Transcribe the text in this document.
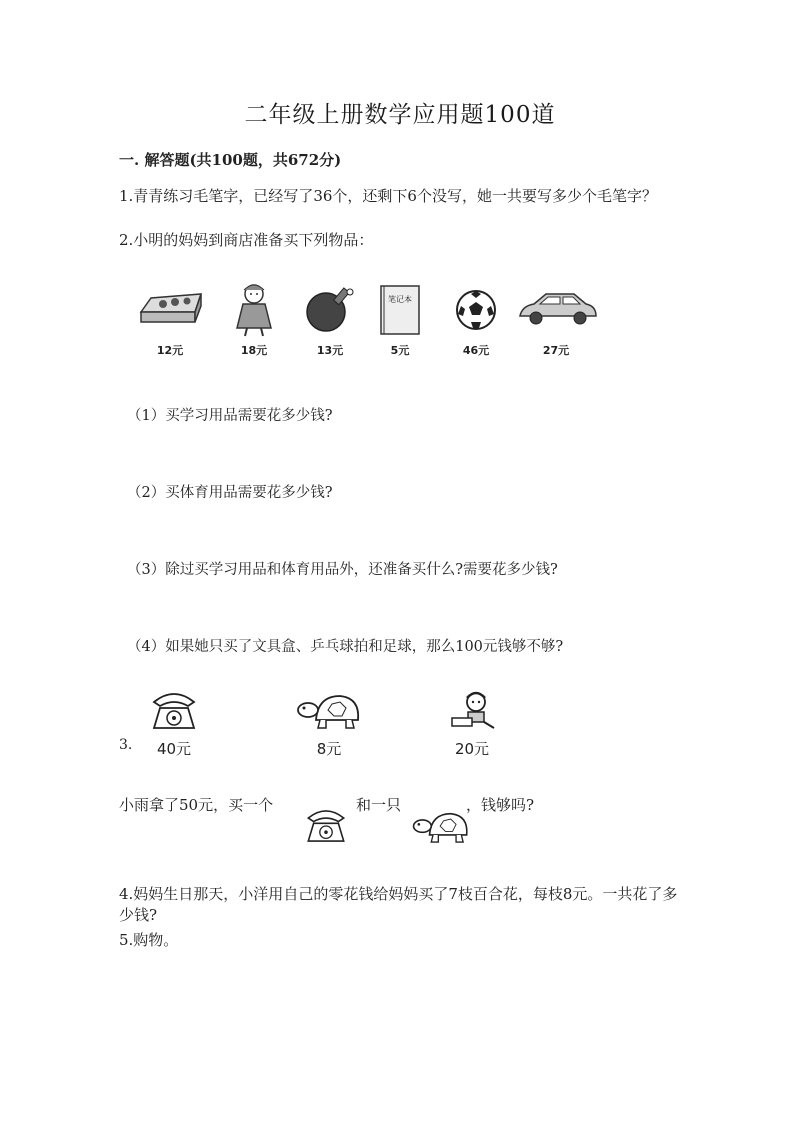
二年级上册数学应用题100道
一. 解答题(共100题，共672分)
1.青青练习毛笔字，已经写了36个，还剩下6个没写，她一共要写多少个毛笔字？
2.小明的妈妈到商店准备买下列物品：
12元	18元	13元
笔记本
5元	46元	27元
（1）买学习用品需要花多少钱?
（2）买体育用品需要花多少钱?
（3）除过买学习用品和体育用品外，还准备买什么?需要花多少钱?
（4）如果她只买了文具盒、乒乓球拍和足球，那么100元钱够不够?
3.	40元	8元	20元
小雨拿了50元，买一个	和一只	，钱够吗?
4.妈妈生日那天，小洋用自己的零花钱给妈妈买了7枝百合花，每枝8元。一共花了多少钱?
5.购物。
